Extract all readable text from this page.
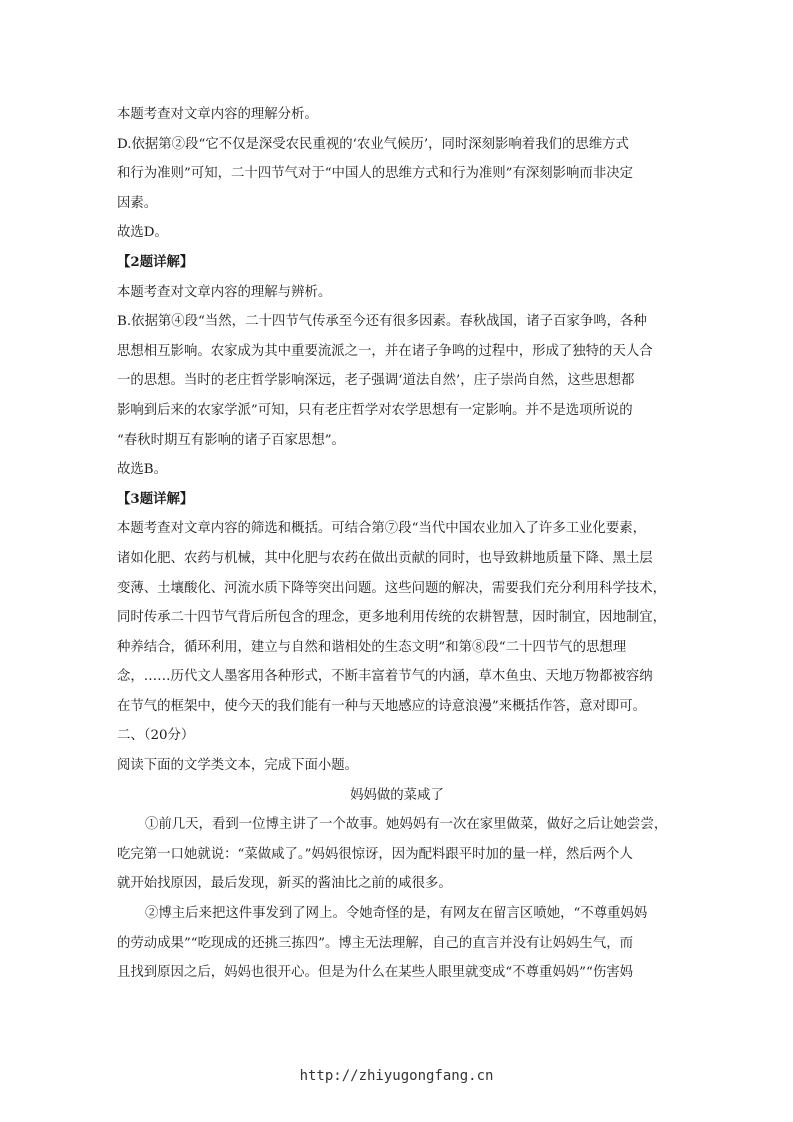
本题考查对文章内容的理解分析。
D.依据第②段“它不仅是深受农民重视的‘农业气候历’，同时深刻影响着我们的思维方式
和行为准则”可知，二十四节气对于“中国人的思维方式和行为准则”有深刻影响而非决定
因素。
故选D。
【2题详解】
本题考查对文章内容的理解与辨析。
B.依据第④段“当然，二十四节气传承至今还有很多因素。春秋战国，诸子百家争鸣，各种
思想相互影响。农家成为其中重要流派之一，并在诸子争鸣的过程中，形成了独特的天人合
一的思想。当时的老庄哲学影响深远，老子强调‘道法自然’，庄子崇尚自然，这些思想都
影响到后来的农家学派”可知，只有老庄哲学对农学思想有一定影响。并不是选项所说的
“春秋时期互有影响的诸子百家思想”。
故选B。
【3题详解】
本题考查对文章内容的筛选和概括。可结合第⑦段“当代中国农业加入了许多工业化要素，
诸如化肥、农药与机械，其中化肥与农药在做出贡献的同时，也导致耕地质量下降、黑土层
变薄、土壤酸化、河流水质下降等突出问题。这些问题的解决，需要我们充分利用科学技术，
同时传承二十四节气背后所包含的理念，更多地利用传统的农耕智慧，因时制宜，因地制宜，
种养结合，循环利用，建立与自然和谐相处的生态文明”和第⑧段“二十四节气的思想理
念，……历代文人墨客用各种形式，不断丰富着节气的内涵，草木鱼虫、天地万物都被容纳
在节气的框架中，使今天的我们能有一种与天地感应的诗意浪漫”来概括作答，意对即可。
二、（20分）
阅读下面的文学类文本，完成下面小题。
妈妈做的菜咸了
①前几天，看到一位博主讲了一个故事。她妈妈有一次在家里做菜，做好之后让她尝尝，
吃完第一口她就说：“菜做咸了。”妈妈很惊讶，因为配料跟平时加的量一样，然后两个人
就开始找原因，最后发现，新买的酱油比之前的咸很多。
②博主后来把这件事发到了网上。令她奇怪的是，有网友在留言区喷她，“不尊重妈妈
的劳动成果”“吃现成的还挑三拣四”。博主无法理解，自己的直言并没有让妈妈生气，而
且找到原因之后，妈妈也很开心。但是为什么在某些人眼里就变成“不尊重妈妈”“伤害妈
http://zhiyugongfang.cn
